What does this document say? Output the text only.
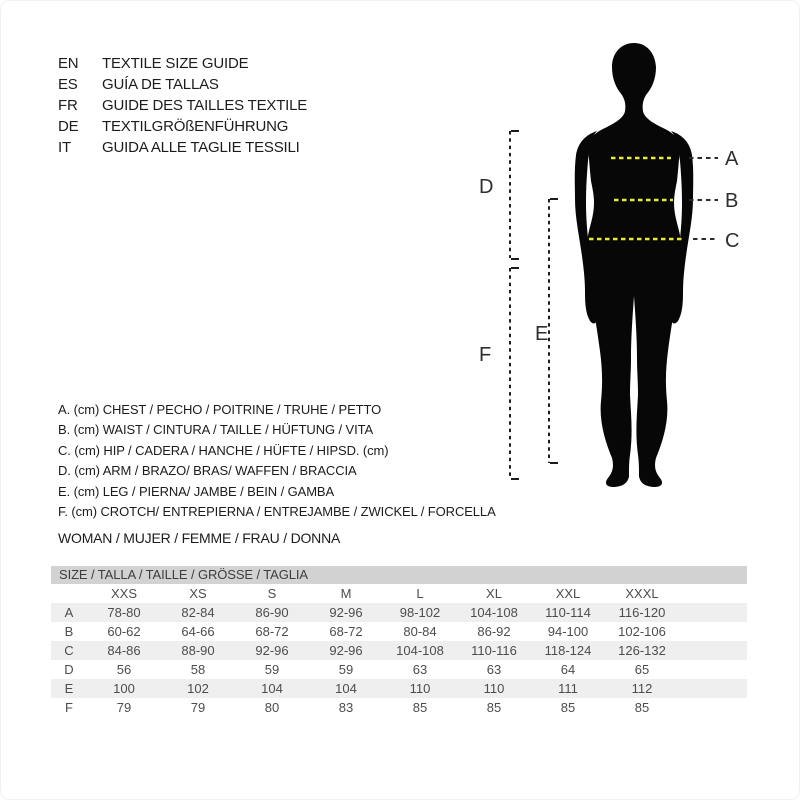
EN	TEXTILE SIZE GUIDE
ES	GUÍA DE TALLAS
FR	GUIDE DES TAILLES TEXTILE
DE	TEXTILGRÖßENFÜHRUNG
IT	GUIDA ALLE TAGLIE TESSILI
A
B
C
D
F
E
A. (cm) CHEST / PECHO / POITRINE / TRUHE / PETTO
B. (cm) WAIST / CINTURA / TAILLE / HÜFTUNG / VITA
C. (cm) HIP / CADERA / HANCHE / HÜFTE / HIPSD. (cm)
D. (cm) ARM / BRAZO/ BRAS/ WAFFEN / BRACCIA
E. (cm) LEG / PIERNA/ JAMBE / BEIN / GAMBA
F. (cm) CROTCH/ ENTREPIERNA / ENTREJAMBE / ZWICKEL / FORCELLA
WOMAN / MUJER / FEMME / FRAU / DONNA
SIZE / TALLA / TAILLE / GRÖSSE / TAGLIA
	XXS	XS	S	M	L	XL	XXL	XXXL	
A	78-80	82-84	86-90	92-96	98-102	104-108	110-114	116-120	
B	60-62	64-66	68-72	68-72	80-84	86-92	94-100	102-106	
C	84-86	88-90	92-96	92-96	104-108	110-116	118-124	126-132	
D	56	58	59	59	63	63	64	65	
E	100	102	104	104	110	110	111	112	
F	79	79	80	83	85	85	85	85	
